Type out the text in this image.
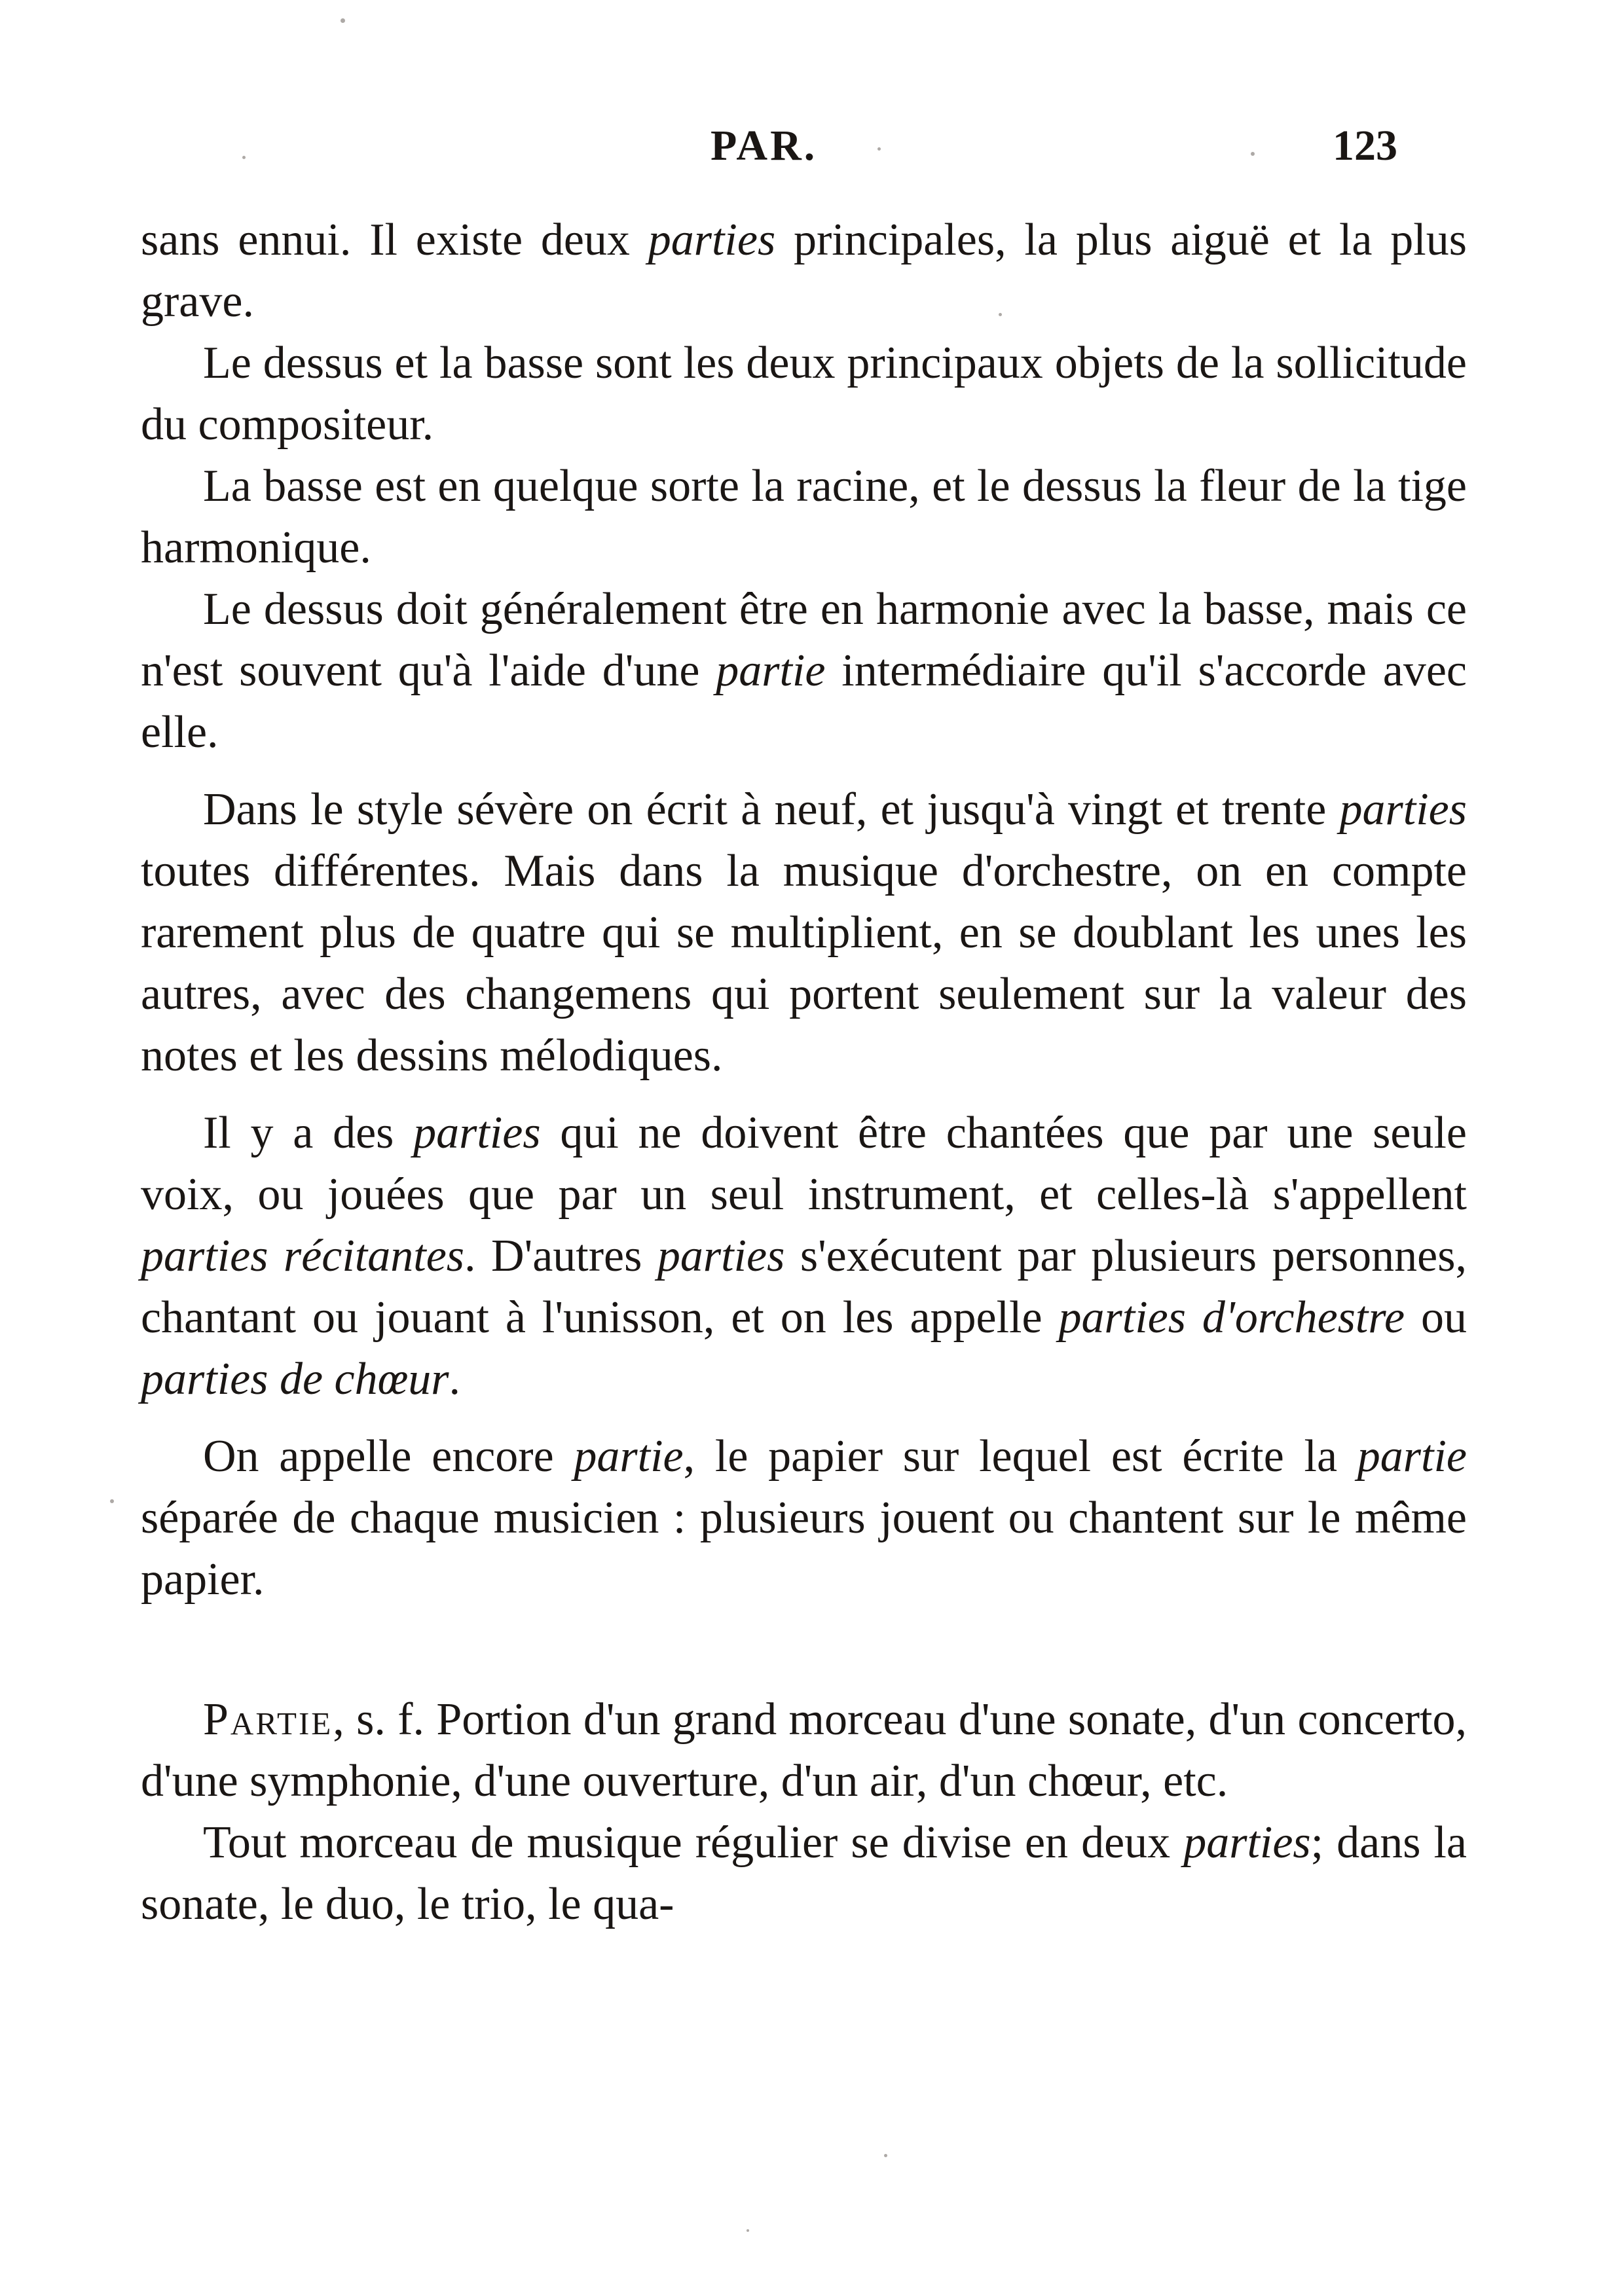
PAR.	123

sans ennui. Il existe deux parties principales, la plus aiguë et la plus grave.

Le dessus et la basse sont les deux principaux objets de la sollicitude du compositeur.

La basse est en quelque sorte la racine, et le dessus la fleur de la tige harmonique.

Le dessus doit généralement être en harmonie avec la basse, mais ce n'est souvent qu'à l'aide d'une partie intermédiaire qu'il s'accorde avec elle.

Dans le style sévère on écrit à neuf, et jusqu'à vingt et trente parties toutes différentes. Mais dans la musique d'orchestre, on en compte rarement plus de quatre qui se multiplient, en se doublant les unes les autres, avec des changemens qui portent seulement sur la valeur des notes et les dessins mélodiques.

Il y a des parties qui ne doivent être chantées que par une seule voix, ou jouées que par un seul instrument, et celles-là s'appellent parties récitantes. D'autres parties s'exécutent par plusieurs personnes, chantant ou jouant à l'unisson, et on les appelle parties d'orchestre ou parties de chœur.

On appelle encore partie, le papier sur lequel est écrite la partie séparée de chaque musicien : plusieurs jouent ou chantent sur le même papier.

Partie, s. f. Portion d'un grand morceau d'une sonate, d'un concerto, d'une symphonie, d'une ouverture, d'un air, d'un chœur, etc.

Tout morceau de musique régulier se divise en deux parties; dans la sonate, le duo, le trio, le qua-
